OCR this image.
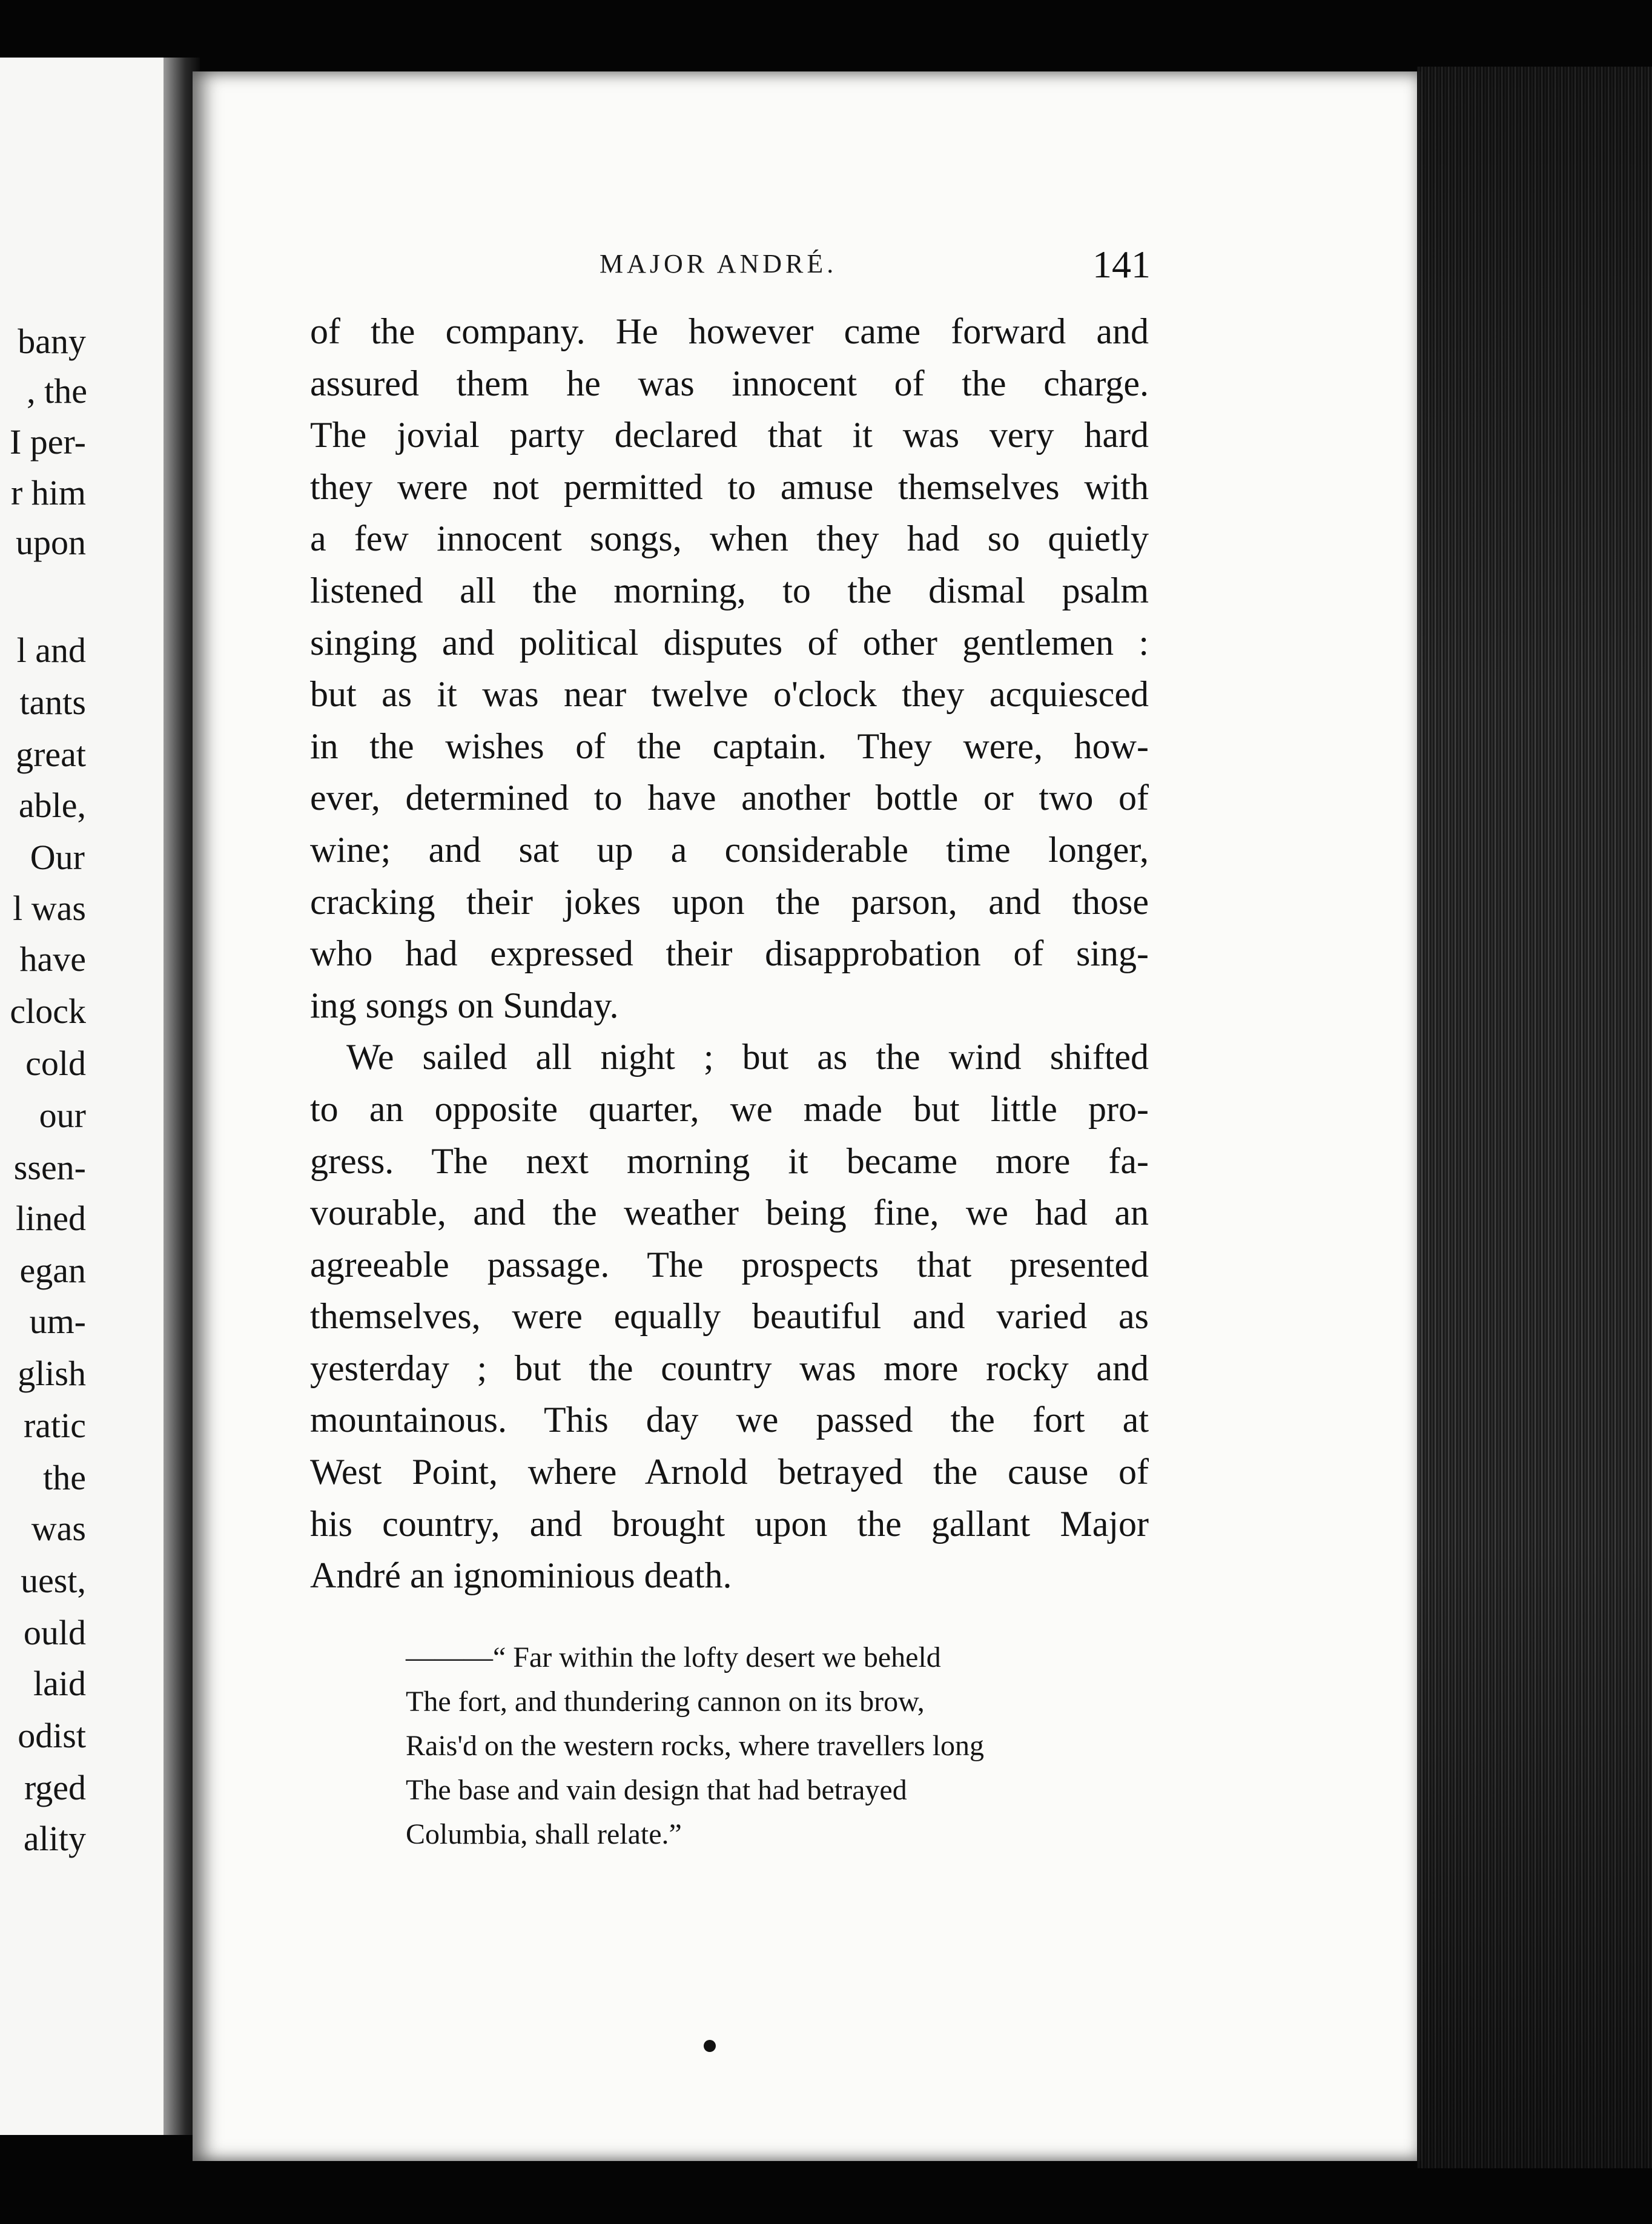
bany
, the
I per-
r him
upon
l and
tants
great
able,
Our
l was
have
clock
cold
our
ssen-
lined
egan
um-
glish
ratic
the
was
uest,
ould
laid
odist
rged
ality
MAJOR ANDRÉ.	141
of the company. He however came forward and
assured them he was innocent of the charge.
The jovial party declared that it was very hard
they were not permitted to amuse themselves with
a few innocent songs, when they had so quietly
listened all the morning, to the dismal psalm
singing and political disputes of other gentlemen :
but as it was near twelve o'clock they acquiesced
in the wishes of the captain. They were, how-
ever, determined to have another bottle or two of
wine; and sat up a considerable time longer,
cracking their jokes upon the parson, and those
who had expressed their disapprobation of sing-
ing songs on Sunday.
We sailed all night ; but as the wind shifted
to an opposite quarter, we made but little pro-
gress. The next morning it became more fa-
vourable, and the weather being fine, we had an
agreeable passage. The prospects that presented
themselves, were equally beautiful and varied as
yesterday ; but the country was more rocky and
mountainous. This day we passed the fort at
West Point, where Arnold betrayed the cause of
his country, and brought upon the gallant Major
André an ignominious death.
———“ Far within the lofty desert we beheld
The fort, and thundering cannon on its brow,
Rais'd on the western rocks, where travellers long
The base and vain design that had betrayed
Columbia, shall relate.”
